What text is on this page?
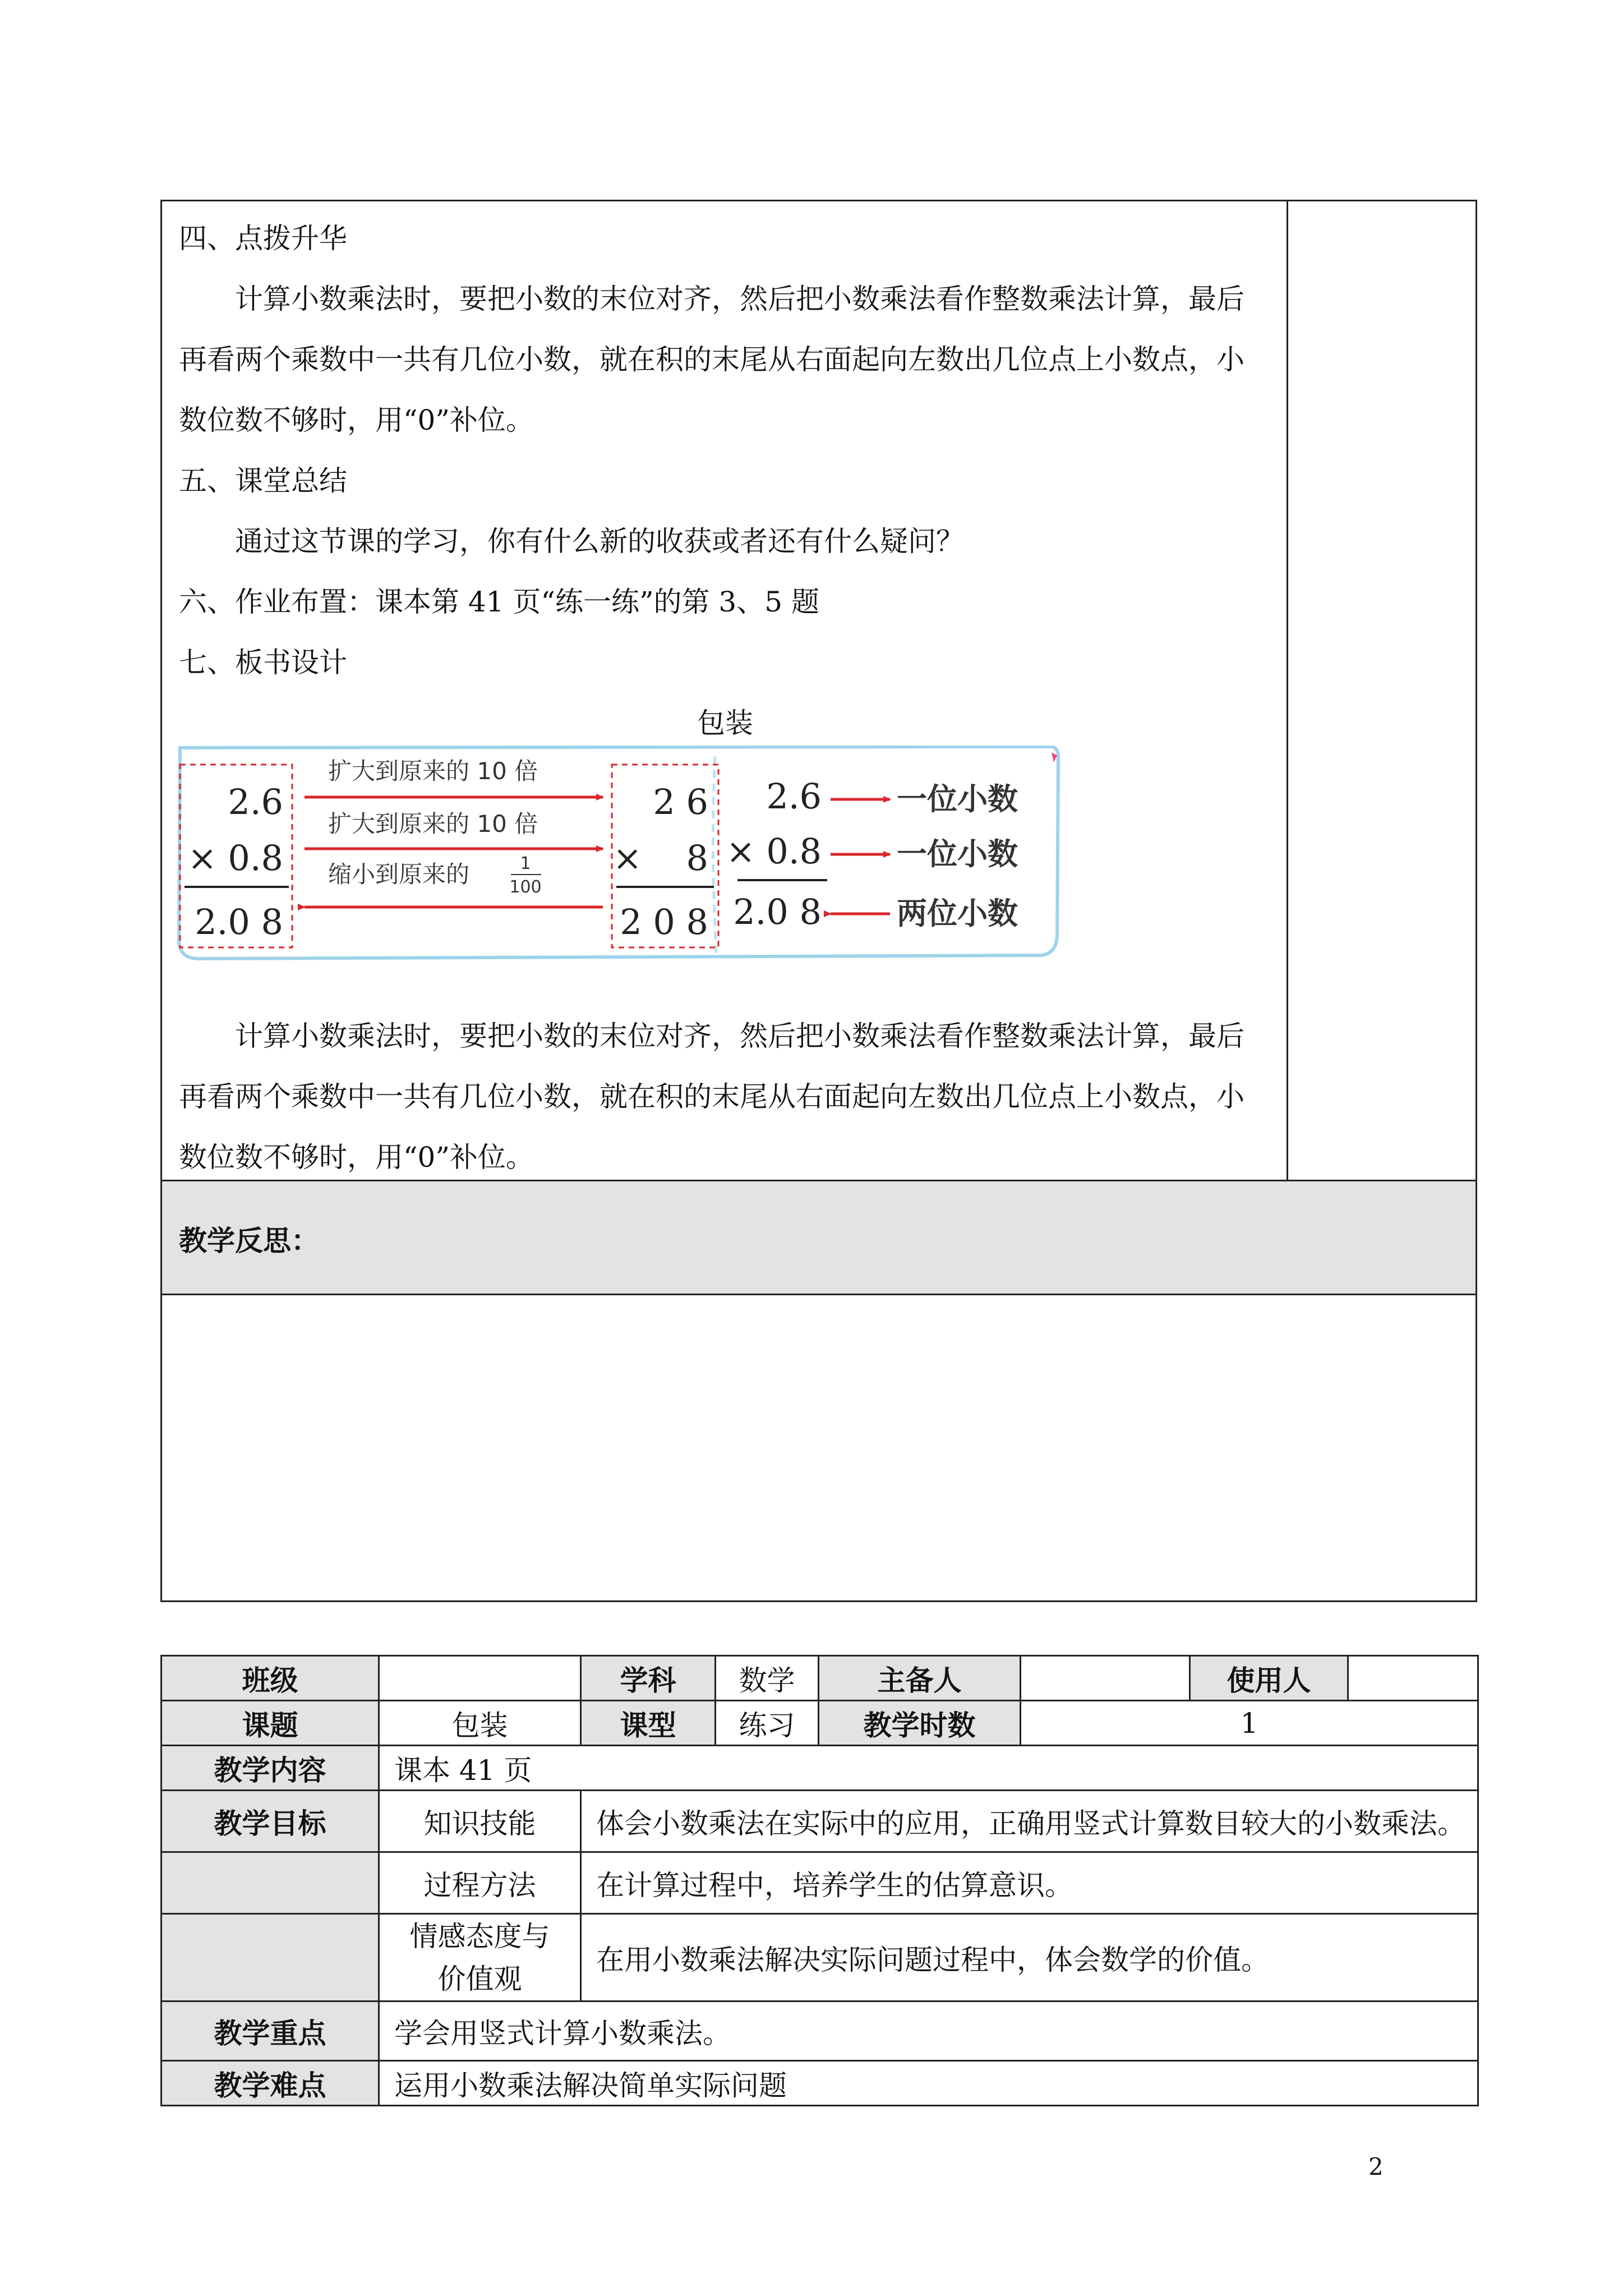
四、点拨升华
计算小数乘法时，要把小数的末位对齐，然后把小数乘法看作整数乘法计算，最后
再看两个乘数中一共有几位小数，就在积的末尾从右面起向左数出几位点上小数点，小
数位数不够时，用“0”补位。
五、课堂总结
通过这节课的学习，你有什么新的收获或者还有什么疑问？
六、作业布置：课本第 41 页“练一练”的第 3、5 题
七、板书设计
包装
2.6
× 0.8
2.0 8
扩大到原来的 10 倍
扩大到原来的 10 倍
缩小到原来的	1
100
2 6
×    8
2 0 8
2.6 一位小数
× 0.8 一位小数
2.0 8 两位小数
计算小数乘法时，要把小数的末位对齐，然后把小数乘法看作整数乘法计算，最后
再看两个乘数中一共有几位小数，就在积的末尾从右面起向左数出几位点上小数点，小
数位数不够时，用“0”补位。
教学反思：
班级		学科	数学	主备人		使用人	
课题	包装	课型	练习	教学时数	1		
教学内容	课本 41 页						
教学目标	知识技能	体会小数乘法在实际中的应用，正确用竖式计算数目较大的小数乘法。					
	过程方法	在计算过程中，培养学生的估算意识。					

	情感态度与
价值观	在用小数乘法解决实际问题过程中，体会数学的价值。					
教学重点	学会用竖式计算小数乘法。						
教学难点	运用小数乘法解决简单实际问题						
2
